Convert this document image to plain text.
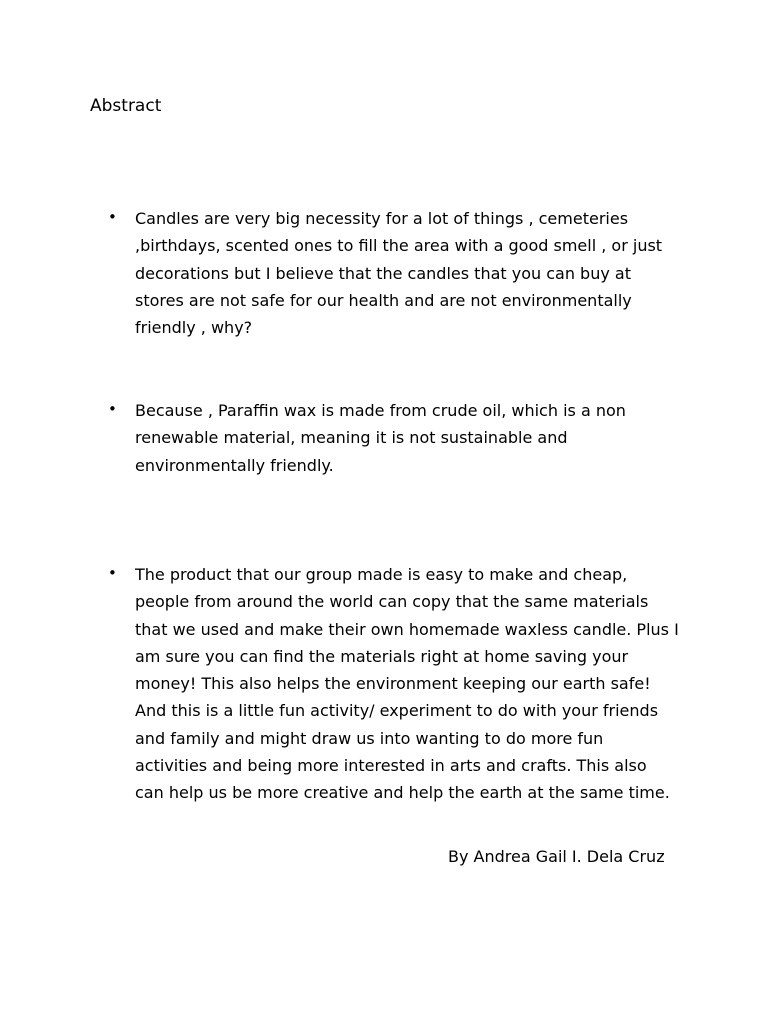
Abstract
•	Candles are very big necessity for a lot of things , cemeteries ,birthdays, scented ones to fill the area with a good smell , or just decorations but I believe that the candles that you can buy at stores are not safe for our health and are not environmentally friendly , why?

•	Because , Paraffin wax is made from crude oil, which is a non renewable material, meaning it is not sustainable and environmentally friendly.

•	The product that our group made is easy to make and cheap, people from around the world can copy that the same materials that we used and make their own homemade waxless candle. Plus I am sure you can find the materials right at home saving your money! This also helps the environment keeping our earth safe! And this is a little fun activity/ experiment to do with your friends and family and might draw us into wanting to do more fun activities and being more interested in arts and crafts. This also can help us be more creative and help the earth at the same time.

By Andrea Gail I. Dela Cruz
